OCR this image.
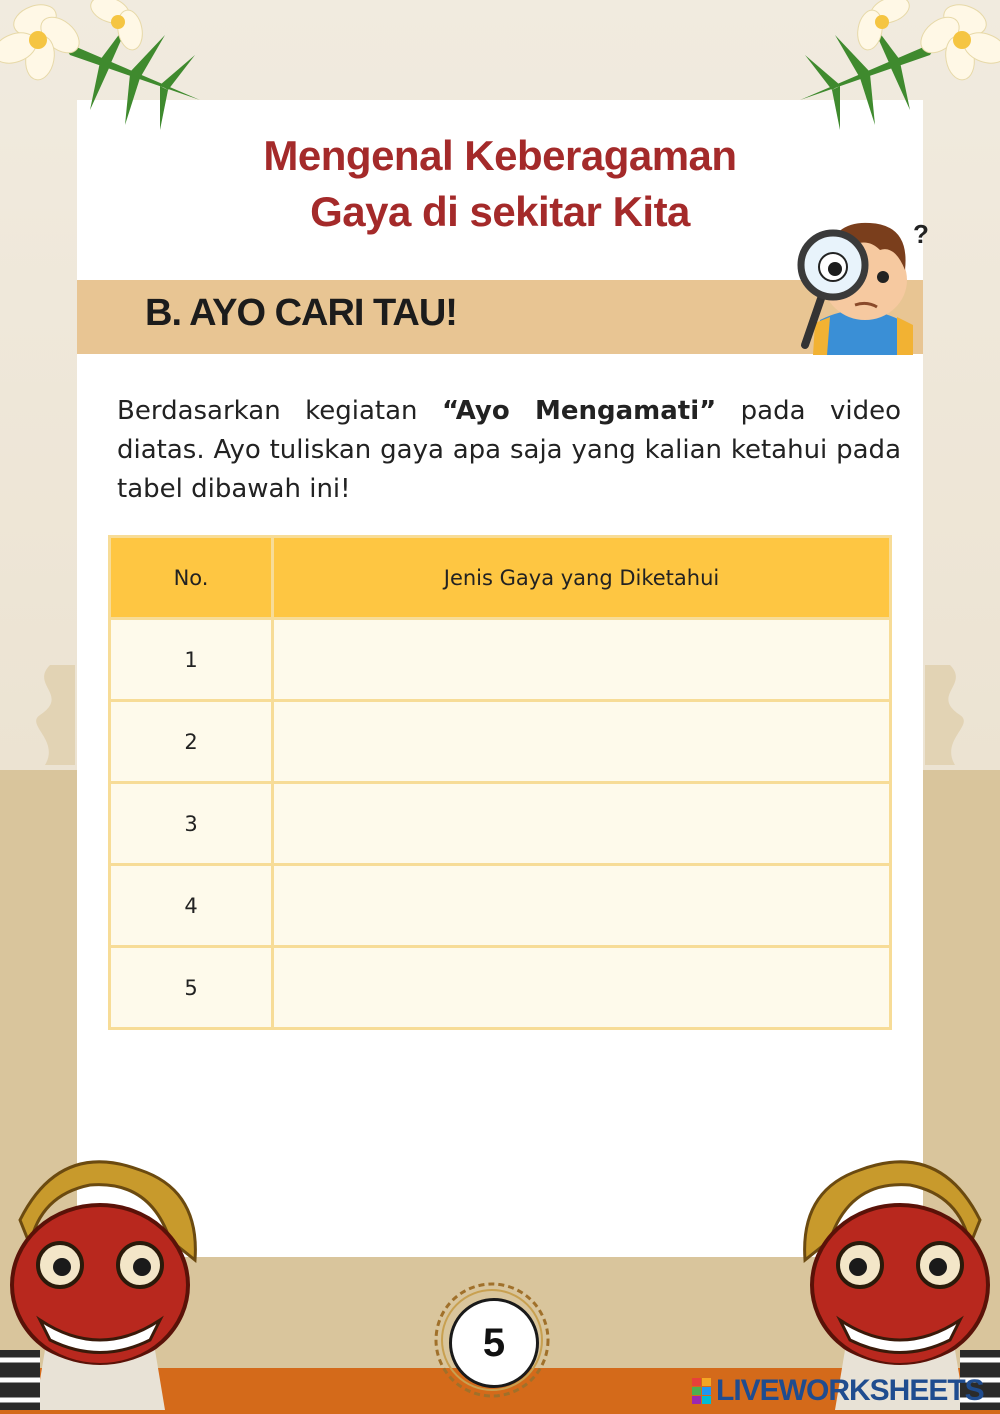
Mengenal Keberagaman
Gaya di sekitar Kita
B. AYO CARI TAU!
?
Berdasarkan kegiatan “Ayo Mengamati” pada video diatas. Ayo tuliskan gaya apa saja yang kalian ketahui pada tabel dibawah ini!
No.	Jenis Gaya yang Diketahui
1	
2	
3	
4	
5	
5
LIVEWORKSHEETS
